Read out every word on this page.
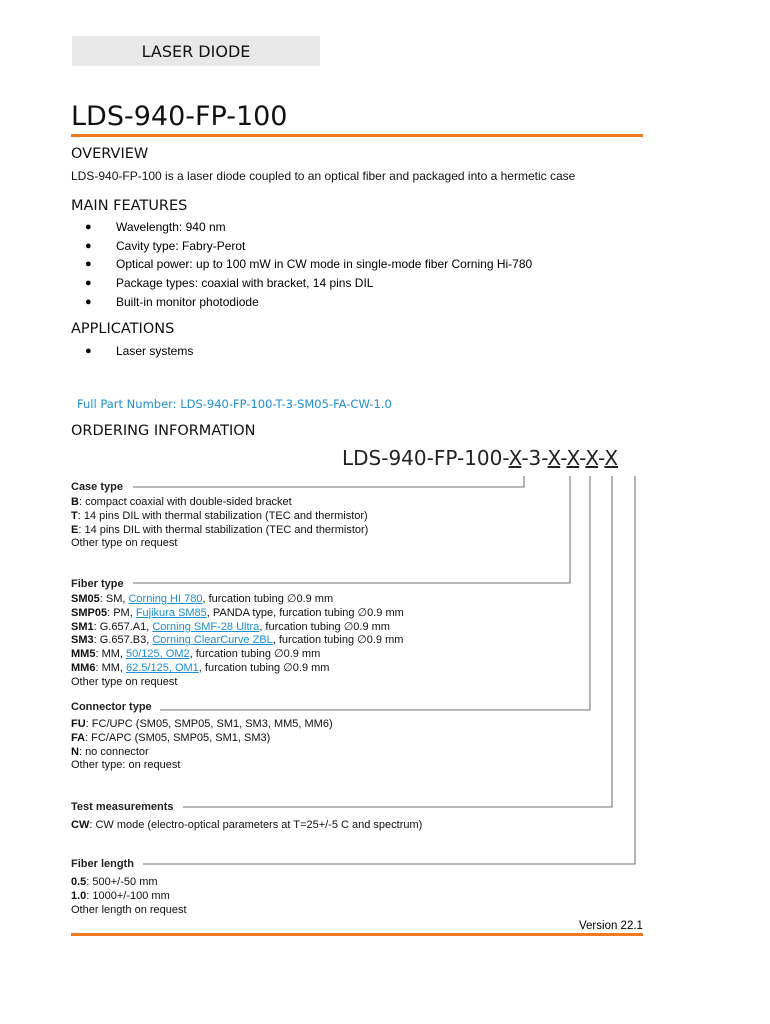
LASER DIODE
LDS-940-FP-100
OVERVIEW
LDS-940-FP-100 is a laser diode coupled to an optical fiber and packaged into a hermetic case
MAIN FEATURES
● Wavelength: 940 nm
● Cavity type: Fabry-Perot
● Optical power: up to 100 mW in CW mode in single-mode fiber Corning Hi-780
● Package types: coaxial with bracket, 14 pins DIL
● Built-in monitor photodiode
APPLICATIONS
● Laser systems
Full Part Number: LDS-940-FP-100-T-3-SM05-FA-CW-1.0
ORDERING INFORMATION
LDS-940-FP-100-X-3-X-X-X-X
Case type
B: compact coaxial with double-sided bracket
T: 14 pins DIL with thermal stabilization (TEC and thermistor)
E: 14 pins DIL with thermal stabilization (TEC and thermistor)
Other type on request
Fiber type
SM05: SM, Corning HI 780, furcation tubing ∅0.9 mm
SMP05: PM, Fujikura SM85, PANDA type, furcation tubing ∅0.9 mm
SM1: G.657.A1, Corning SMF-28 Ultra, furcation tubing ∅0.9 mm
SM3: G.657.B3, Corning ClearCurve ZBL, furcation tubing ∅0.9 mm
MM5: MM, 50/125, OM2, furcation tubing ∅0.9 mm
MM6: MM, 62.5/125, OM1, furcation tubing ∅0.9 mm
Other type on request
Connector type
FU: FC/UPC (SM05, SMP05, SM1, SM3, MM5, MM6)
FA: FC/APC (SM05, SMP05, SM1, SM3)
N: no connector
Other type: on request
Test measurements
CW: CW mode (electro-optical parameters at T=25+/-5 C and spectrum)
Fiber length
0.5: 500+/-50 mm
1.0: 1000+/-100 mm
Other length on request
Version 22.1
